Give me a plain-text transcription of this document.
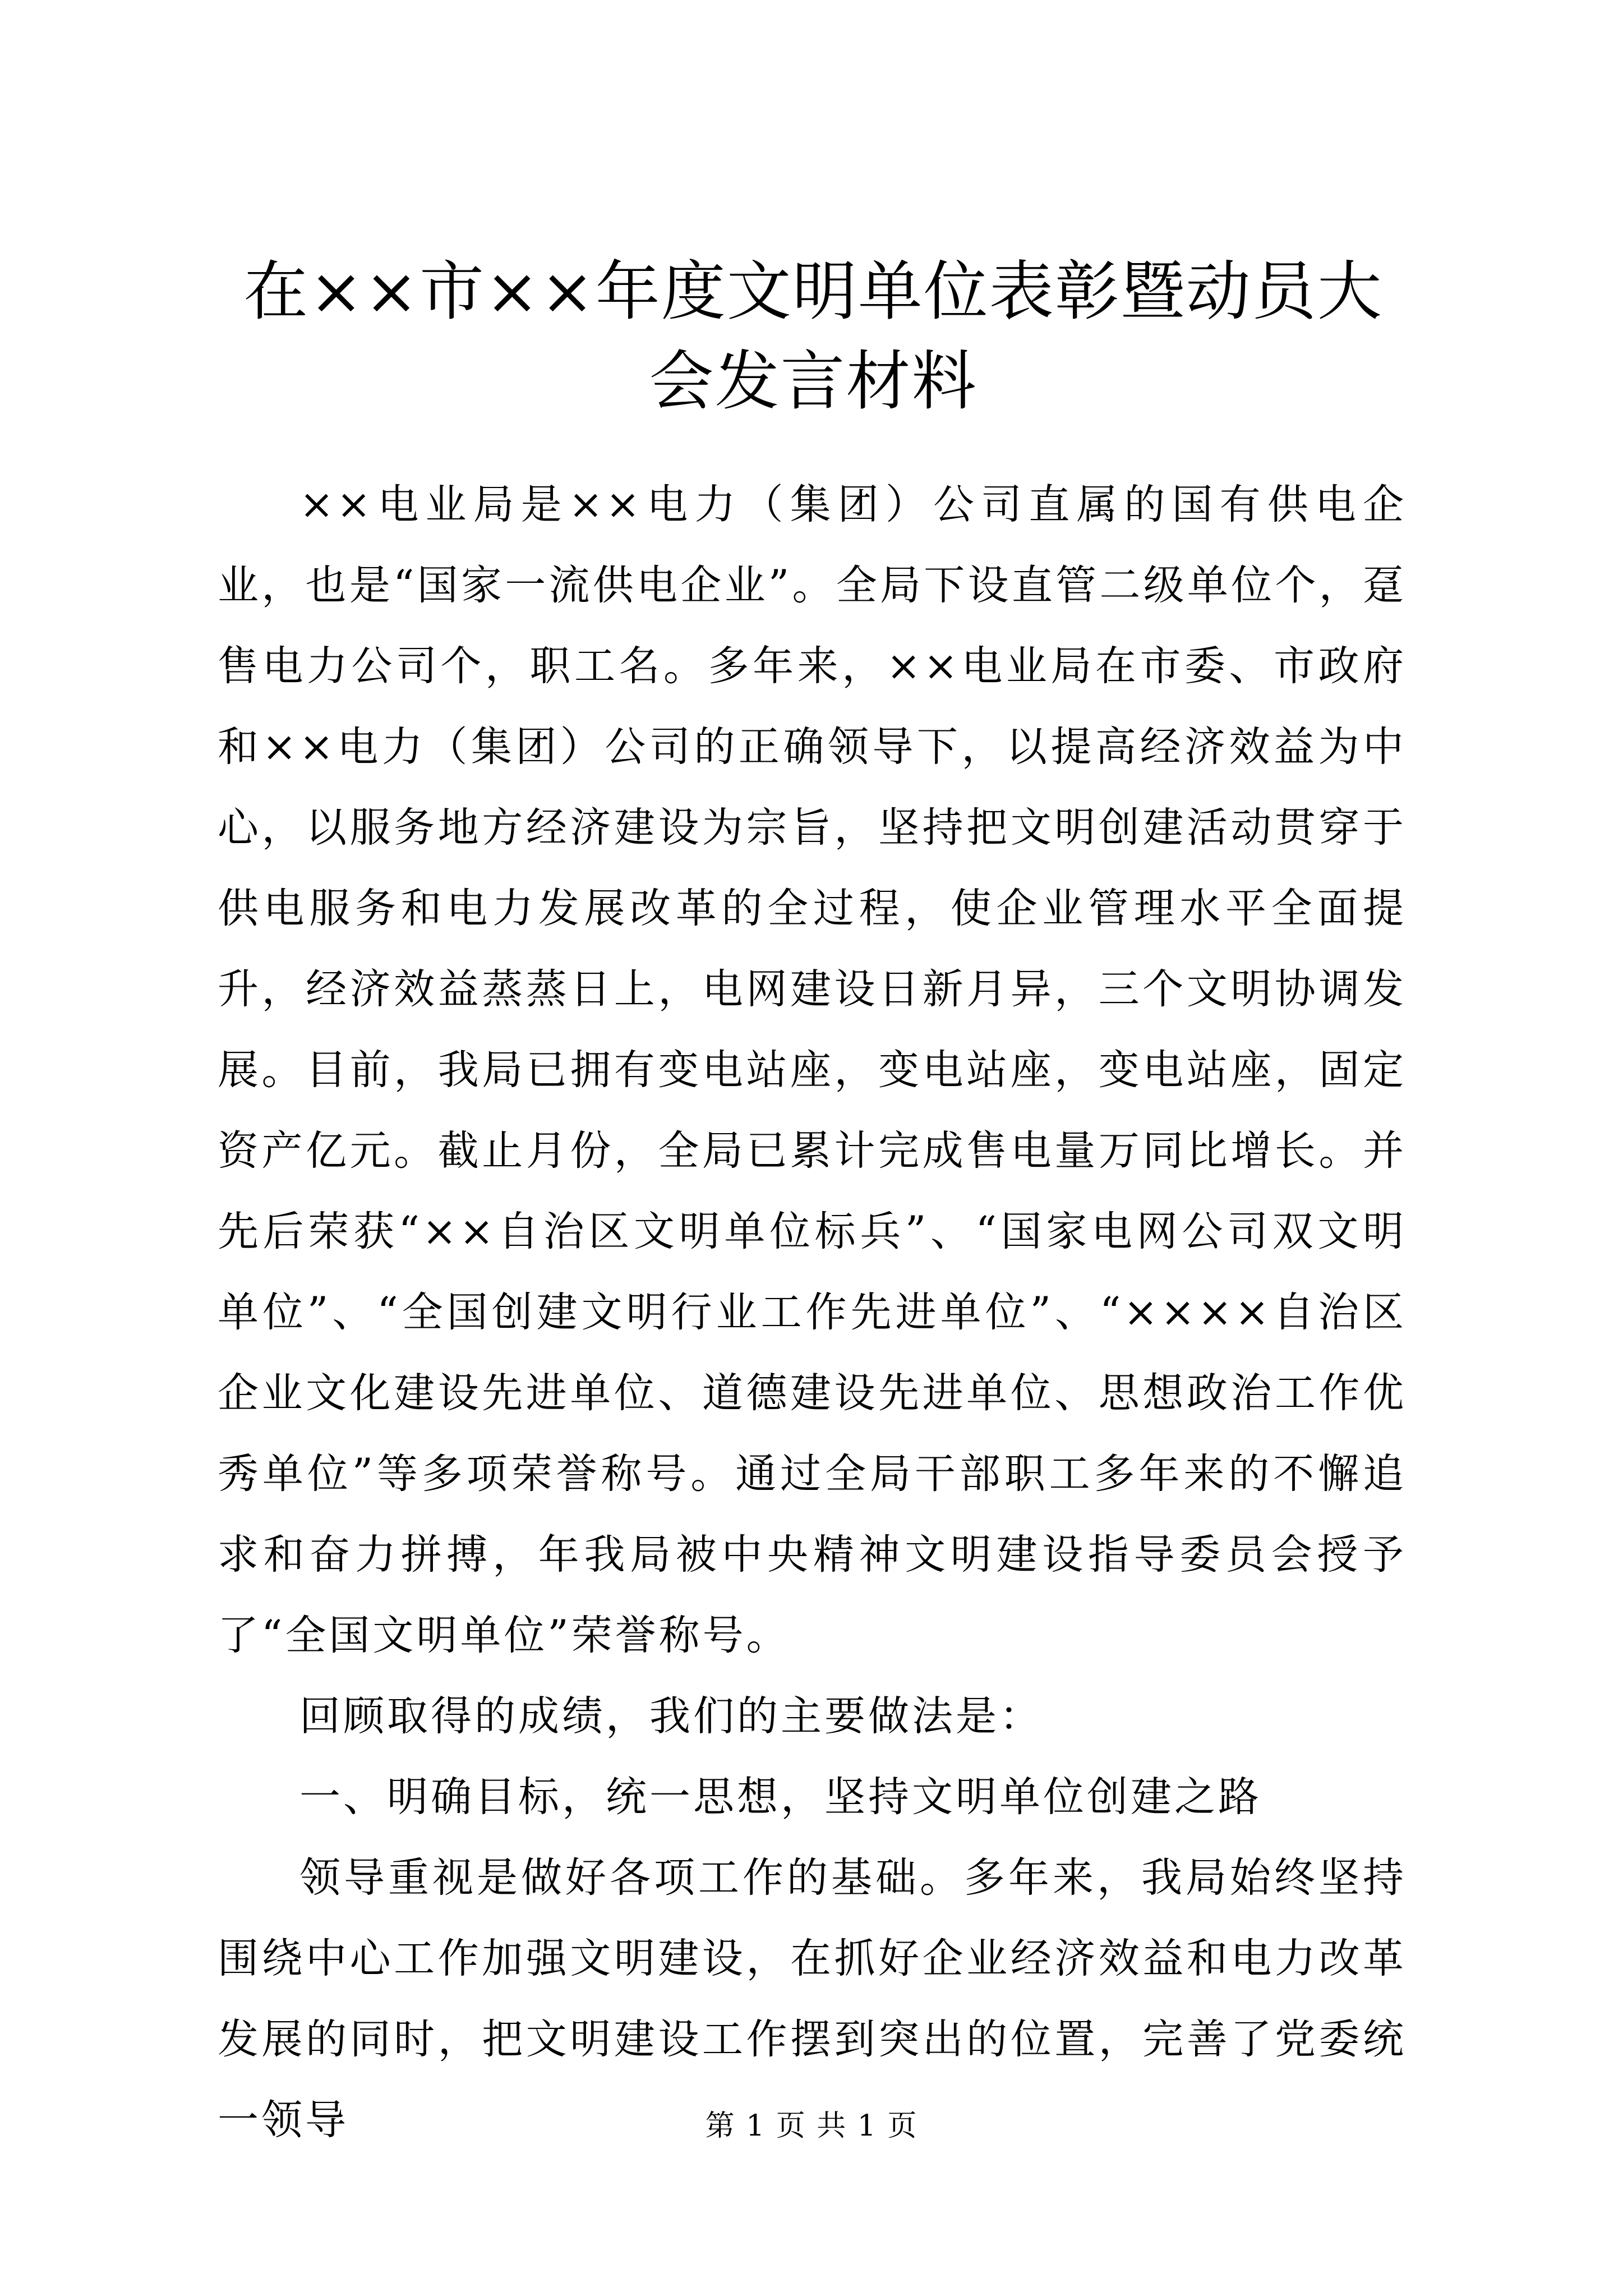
在××市××年度文明单位表彰暨动员大会发言材料

××电业局是××电力（集团）公司直属的国有供电企业，也是“国家一流供电企业”。全局下设直管二级单位个，趸售电力公司个，职工名。多年来，××电业局在市委、市政府和××电力（集团）公司的正确领导下，以提高经济效益为中心，以服务地方经济建设为宗旨，坚持把文明创建活动贯穿于供电服务和电力发展改革的全过程，使企业管理水平全面提升，经济效益蒸蒸日上，电网建设日新月异，三个文明协调发展。目前，我局已拥有变电站座，变电站座，变电站座，固定资产亿元。截止月份，全局已累计完成售电量万同比增长。并先后荣获“××自治区文明单位标兵”、“国家电网公司双文明单位”、“全国创建文明行业工作先进单位”、“××××自治区企业文化建设先进单位、道德建设先进单位、思想政治工作优秀单位”等多项荣誉称号。通过全局干部职工多年来的不懈追求和奋力拼搏，年我局被中央精神文明建设指导委员会授予了“全国文明单位”荣誉称号。

回顾取得的成绩，我们的主要做法是：

一、明确目标，统一思想，坚持文明单位创建之路

领导重视是做好各项工作的基础。多年来，我局始终坚持围绕中心工作加强文明建设，在抓好企业经济效益和电力改革发展的同时，把文明建设工作摆到突出的位置，完善了党委统一领导	第 1 页 共 1 页
